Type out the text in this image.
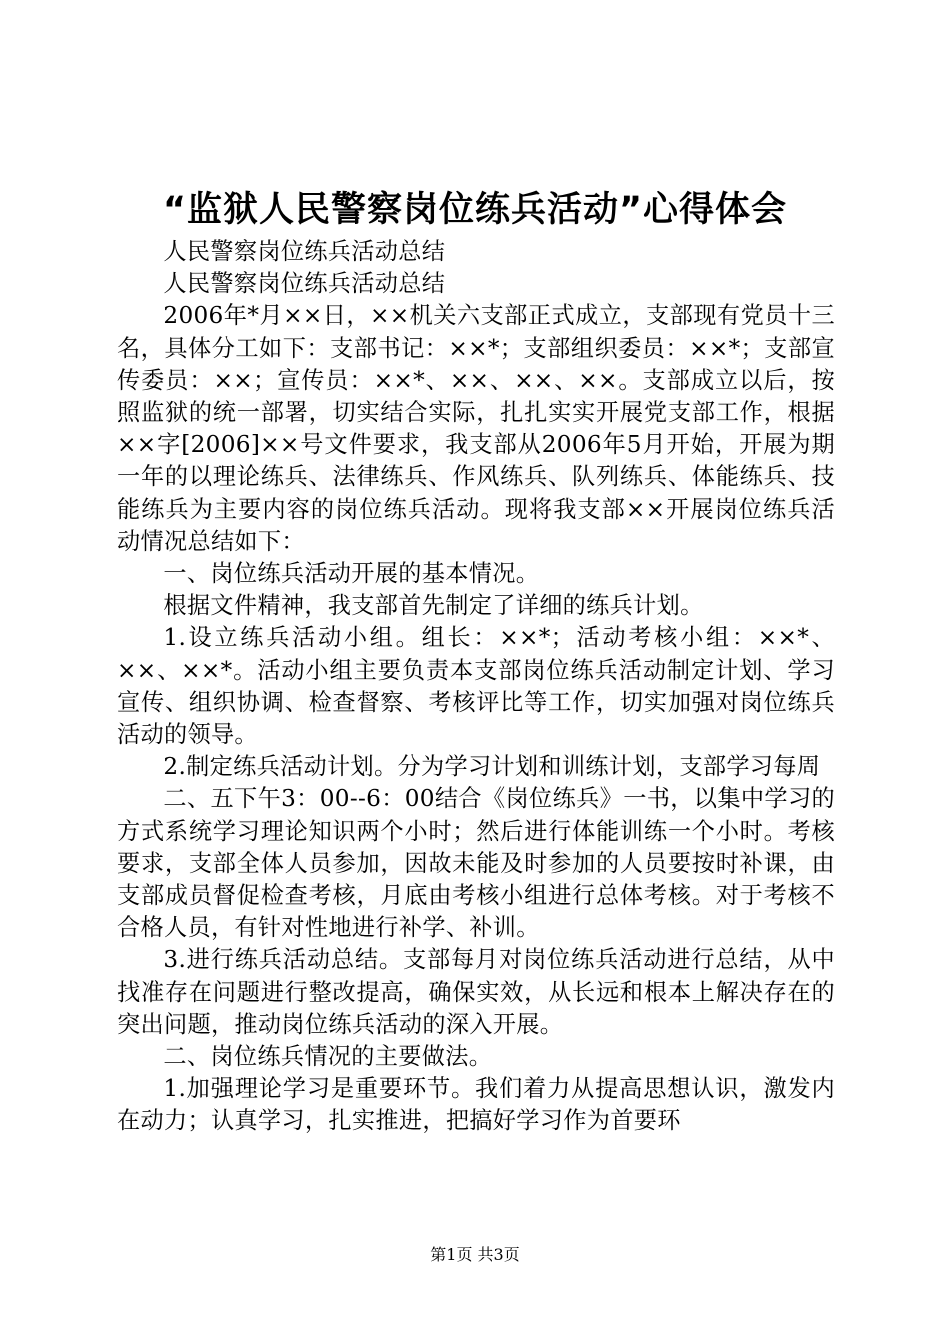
“监狱人民警察岗位练兵活动”心得体会

人民警察岗位练兵活动总结

人民警察岗位练兵活动总结

2006年*月××日，××机关六支部正式成立，支部现有党员十三名，具体分工如下：支部书记：××*；支部组织委员：××*；支部宣传委员：××；宣传员：××*、××、××、××。支部成立以后，按照监狱的统一部署，切实结合实际，扎扎实实开展党支部工作，根据××字[2006]××号文件要求，我支部从2006年5月开始，开展为期一年的以理论练兵、法律练兵、作风练兵、队列练兵、体能练兵、技能练兵为主要内容的岗位练兵活动。现将我支部××开展岗位练兵活动情况总结如下：

一、岗位练兵活动开展的基本情况。

根据文件精神，我支部首先制定了详细的练兵计划。

1.设立练兵活动小组。组长：××*；活动考核小组：××*、××、××*。活动小组主要负责本支部岗位练兵活动制定计划、学习宣传、组织协调、检查督察、考核评比等工作，切实加强对岗位练兵活动的领导。

2.制定练兵活动计划。分为学习计划和训练计划，支部学习每周

二、五下午3：00--6：00结合《岗位练兵》一书，以集中学习的方式系统学习理论知识两个小时；然后进行体能训练一个小时。考核要求，支部全体人员参加，因故未能及时参加的人员要按时补课，由支部成员督促检查考核，月底由考核小组进行总体考核。对于考核不合格人员，有针对性地进行补学、补训。

3.进行练兵活动总结。支部每月对岗位练兵活动进行总结，从中找准存在问题进行整改提高，确保实效，从长远和根本上解决存在的突出问题，推动岗位练兵活动的深入开展。

二、岗位练兵情况的主要做法。

1.加强理论学习是重要环节。我们着力从提高思想认识，激发内在动力；认真学习，扎实推进，把搞好学习作为首要环

第1页 共3页
